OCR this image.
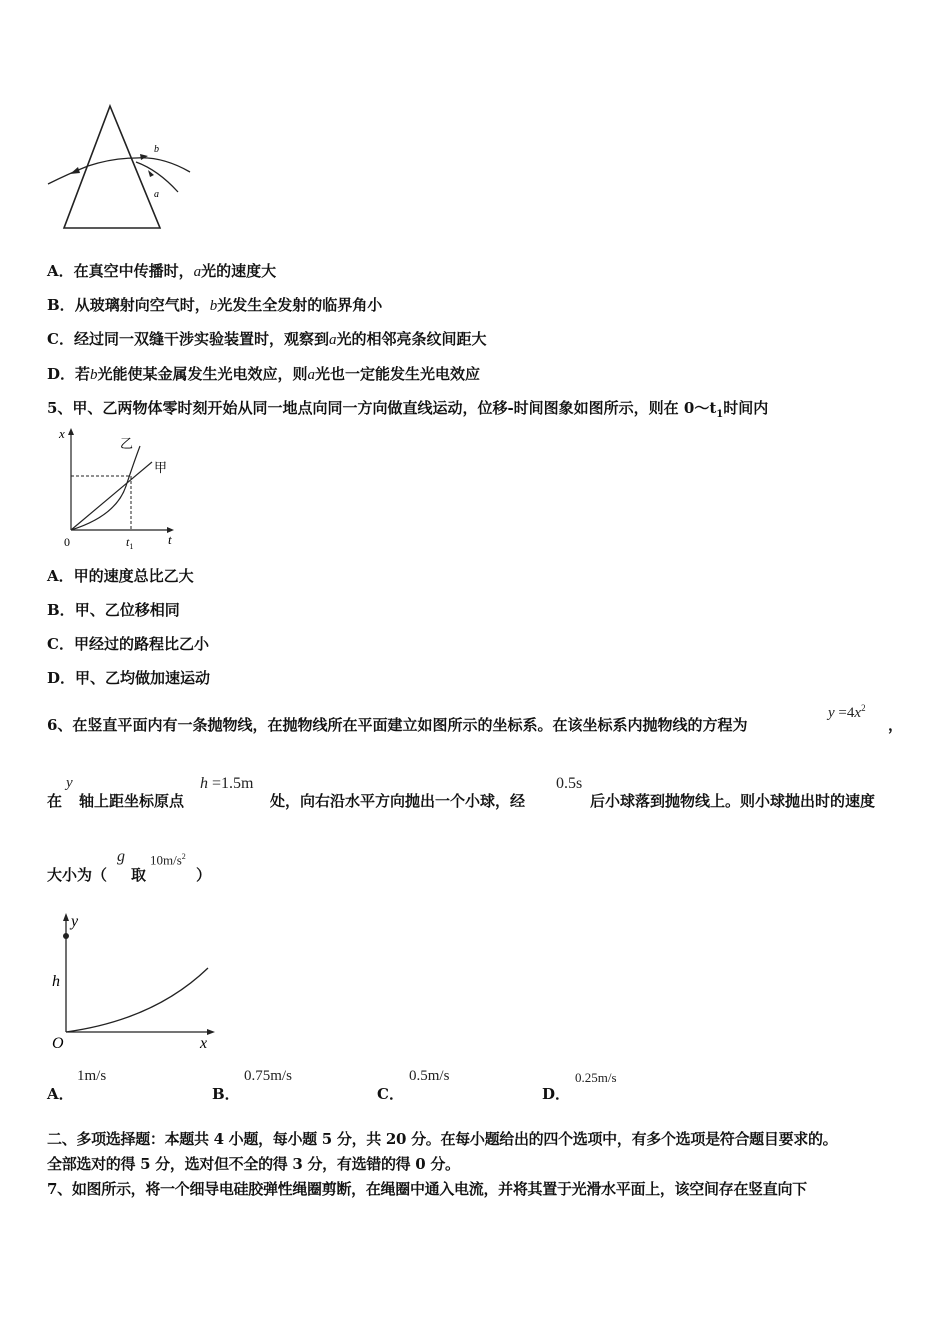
b
a
A．在真空中传播时，a光的速度大
B．从玻璃射向空气时，b光发生全发射的临界角小
C．经过同一双缝干涉实验装置时，观察到a光的相邻亮条纹间距大
D．若b光能使某金属发生光电效应，则a光也一定能发生光电效应
5、甲、乙两物体零时刻开始从同一地点向同一方向做直线运动，位移-时间图象如图所示，则在 $0\sim t_1$时间内
x
t
0	$t_1$
乙
甲
A．甲的速度总比乙大
B．甲、乙位移相同
C．甲经过的路程比乙小
D．甲、乙均做加速运动
6、在竖直平面内有一条抛物线，在抛物线所在平面建立如图所示的坐标系。在该坐标系内抛物线的方程为
$y =4x^2$
，
在
y
轴上距坐标原点
h =1.5m
处，向右沿水平方向抛出一个小球，经
0.5s
后小球落到抛物线上。则小球抛出时的速度
大小为（
g
取
$10m/s^2$
）
y
x
O
h
A．
1m/s
B．
0.75m/s
C．
0.5m/s
D．
0.25m/s
二、多项选择题：本题共 4 小题，每小题 5 分，共 20 分。在每小题给出的四个选项中，有多个选项是符合题目要求的。
全部选对的得 5 分，选对但不全的得 3 分，有选错的得 0 分。
7、如图所示，将一个细导电硅胶弹性绳圈剪断，在绳圈中通入电流，并将其置于光滑水平面上，该空间存在竖直向下
